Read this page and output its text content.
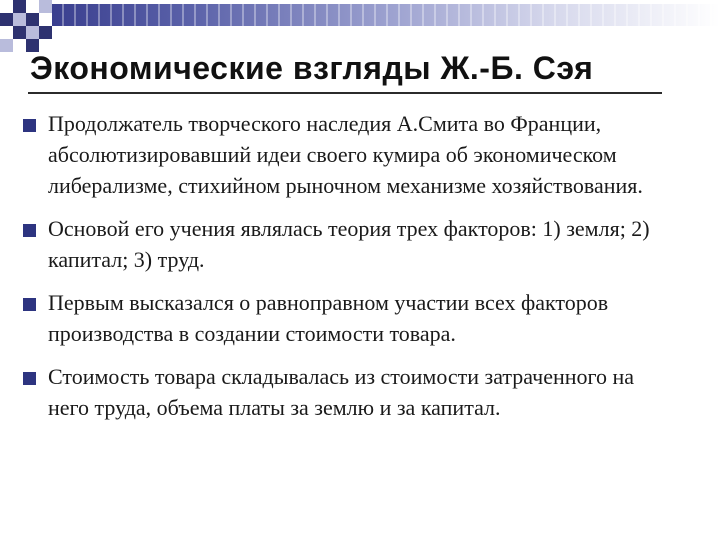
Экономические взгляды Ж.-Б. Сэя
Продолжатель творческого наследия А.Смита во Франции, абсолютизировавший идеи своего кумира об экономическом либерализме, стихийном рыночном механизме хозяйствования.
Основой его учения являлась теория трех факторов: 1) земля; 2) капитал; 3) труд.
Первым высказался о равноправном участии всех факторов производства в создании стоимости товара.
Стоимость товара складывалась из стоимости затраченного на него труда, объема платы за землю и за капитал.
